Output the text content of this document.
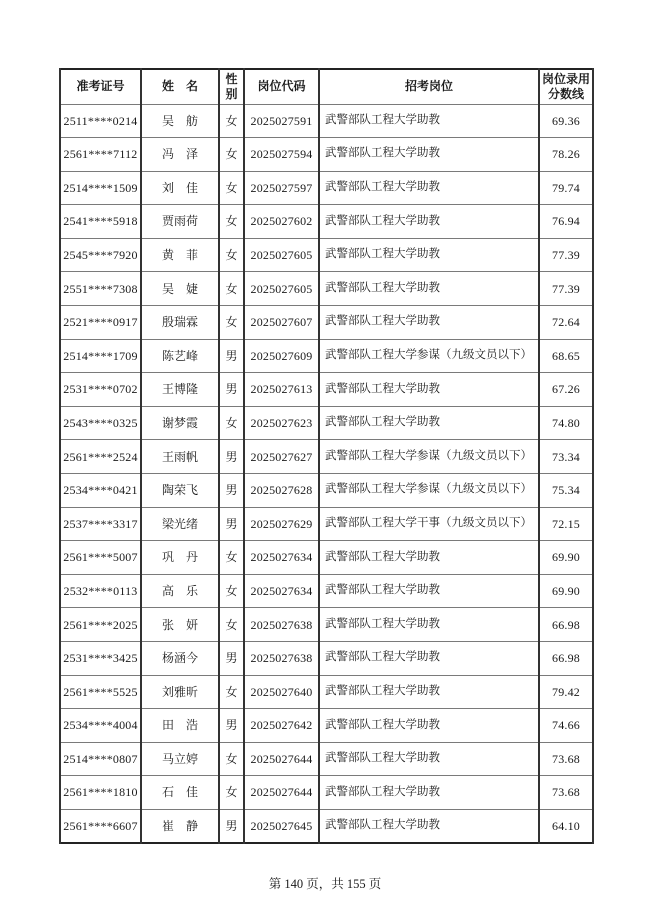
准考证号	姓　名	性别	岗位代码	招考岗位	岗位录用分数线
2511****0214	吴　舫	女	2025027591	武警部队工程大学助教	69.36
2561****7112	冯　泽	女	2025027594	武警部队工程大学助教	78.26
2514****1509	刘　佳	女	2025027597	武警部队工程大学助教	79.74
2541****5918	贾雨荷	女	2025027602	武警部队工程大学助教	76.94
2545****7920	黄　菲	女	2025027605	武警部队工程大学助教	77.39
2551****7308	吴　婕	女	2025027605	武警部队工程大学助教	77.39
2521****0917	殷瑞霖	女	2025027607	武警部队工程大学助教	72.64
2514****1709	陈艺峰	男	2025027609	武警部队工程大学参谋（九级文员以下）	68.65
2531****0702	王博隆	男	2025027613	武警部队工程大学助教	67.26
2543****0325	谢梦霞	女	2025027623	武警部队工程大学助教	74.80
2561****2524	王雨帆	男	2025027627	武警部队工程大学参谋（九级文员以下）	73.34
2534****0421	陶荣飞	男	2025027628	武警部队工程大学参谋（九级文员以下）	75.34
2537****3317	梁光绪	男	2025027629	武警部队工程大学干事（九级文员以下）	72.15
2561****5007	巩　丹	女	2025027634	武警部队工程大学助教	69.90
2532****0113	高　乐	女	2025027634	武警部队工程大学助教	69.90
2561****2025	张　妍	女	2025027638	武警部队工程大学助教	66.98
2531****3425	杨涵今	男	2025027638	武警部队工程大学助教	66.98
2561****5525	刘雅昕	女	2025027640	武警部队工程大学助教	79.42
2534****4004	田　浩	男	2025027642	武警部队工程大学助教	74.66
2514****0807	马立婷	女	2025027644	武警部队工程大学助教	73.68
2561****1810	石　佳	女	2025027644	武警部队工程大学助教	73.68
2561****6607	崔　静	男	2025027645	武警部队工程大学助教	64.10
第 140 页，共 155 页
